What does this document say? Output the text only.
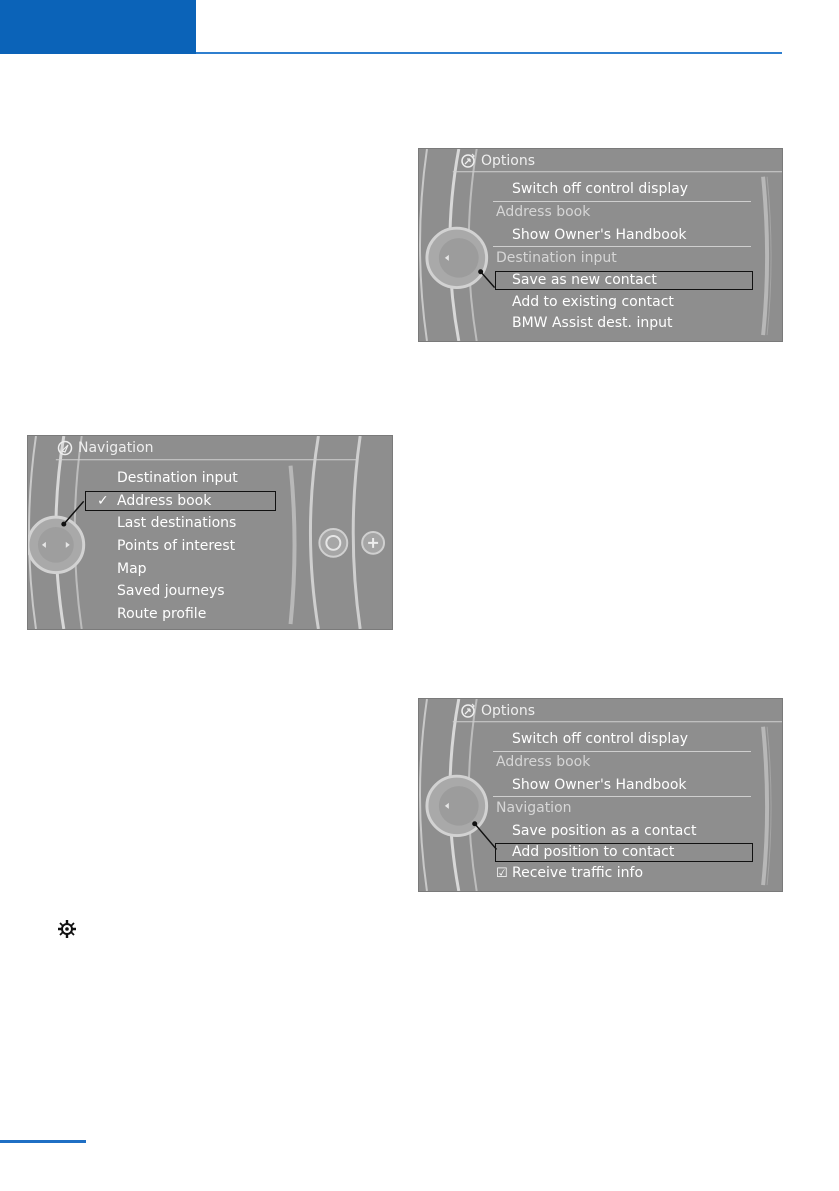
Options
Switch off control display
Address book
Show Owner's Handbook
Destination input
Save as new contact
Add to existing contact
BMW Assist dest. input
Navigation
Destination input
✓ Address book
Last destinations
Points of interest
Map
Saved journeys
Route profile
Options
Switch off control display
Address book
Show Owner's Handbook
Navigation
Save position as a contact
Add position to contact
☑ Receive traffic info
